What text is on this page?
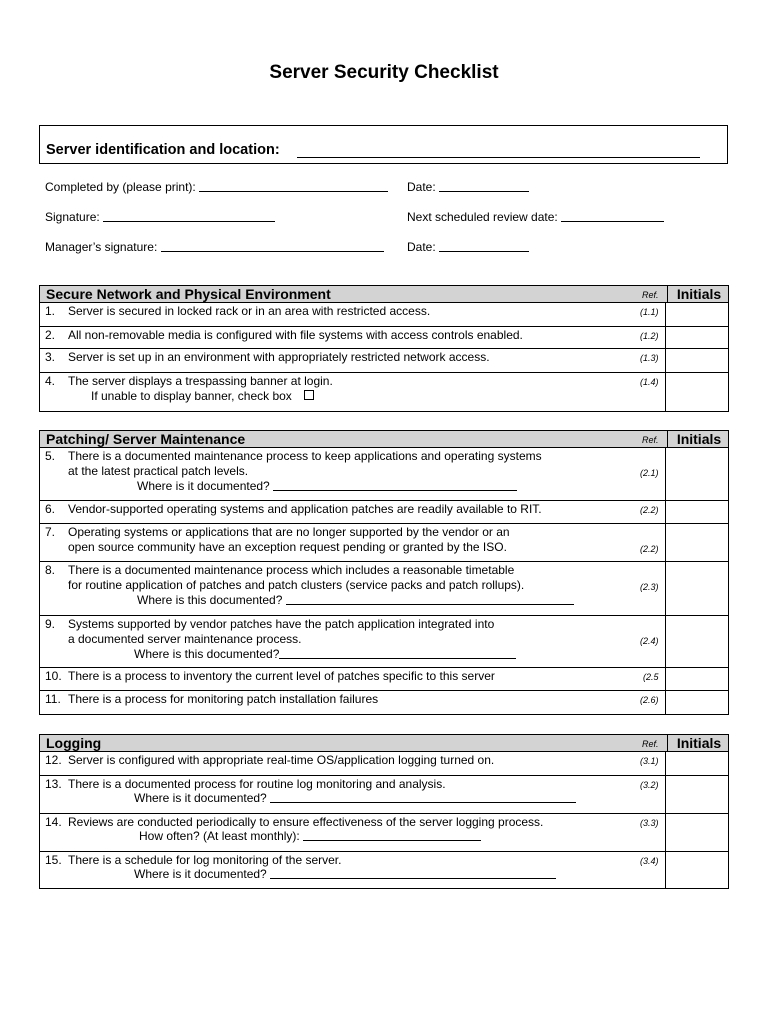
Server Security Checklist
Server identification and location:
Completed by (please print):	Date:
Signature:	Next scheduled review date:
Manager’s signature:	Date:
Secure Network and Physical Environment	Ref.	Initials
1. Server is secured in locked rack or in an area with restricted access.	(1.1)
2. All non-removable media is configured with file systems with access controls enabled.	(1.2)
3. Server is set up in an environment with appropriately restricted network access.	(1.3)
4. The server displays a trespassing banner at login.
If unable to display banner, check box
(1.4)
Patching/ Server Maintenance	Ref.	Initials
5. There is a documented maintenance process to keep applications and operating systems
at the latest practical patch levels.
Where is it documented?
(2.1)
6. Vendor-supported operating systems and application patches are readily available to RIT.	(2.2)
7. Operating systems or applications that are no longer supported by the vendor or an
open source community have an exception request pending or granted by the ISO.	(2.2)
8. There is a documented maintenance process which includes a reasonable timetable
for routine application of patches and patch clusters (service packs and patch rollups).
Where is this documented?
(2.3)
9. Systems supported by vendor patches have the patch application integrated into
a documented server maintenance process.
Where is this documented?
(2.4)
10. There is a process to inventory the current level of patches specific to this server	(2.5
11. There is a process for monitoring patch installation failures	(2.6)
Logging	Ref.	Initials
12. Server is configured with appropriate real-time OS/application logging turned on.	(3.1)
13. There is a documented process for routine log monitoring and analysis.
Where is it documented?
(3.2)
14. Reviews are conducted periodically to ensure effectiveness of the server logging process.
How often? (At least monthly):
(3.3)
15. There is a schedule for log monitoring of the server.
Where is it documented?
(3.4)
